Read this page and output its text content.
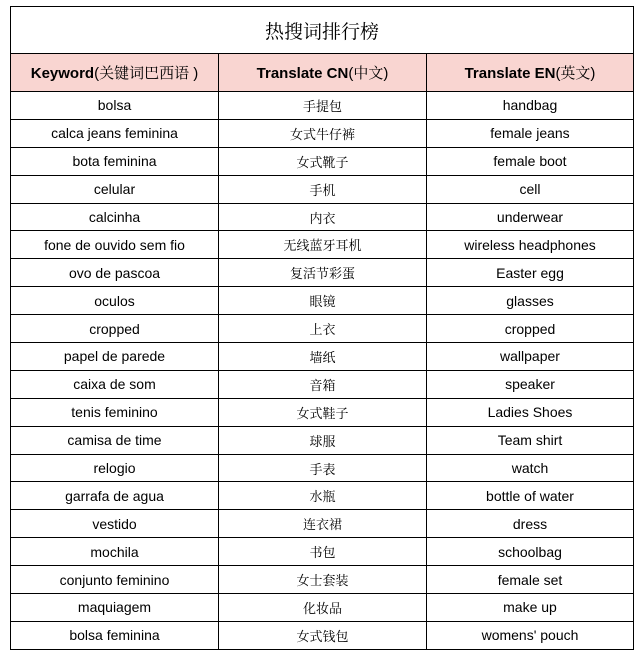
热搜词排行榜		
Keyword(关键词巴西语 )	Translate CN(中文)	Translate EN(英文)
bolsa	手提包	handbag
calca jeans feminina	女式牛仔裤	female jeans
bota feminina	女式靴子	female boot
celular	手机	cell
calcinha	内衣	underwear
fone de ouvido sem fio	无线蓝牙耳机	wireless headphones
ovo de pascoa	复活节彩蛋	Easter egg
oculos	眼镜	glasses
cropped	上衣	cropped
papel de parede	墙纸	wallpaper
caixa de som	音箱	speaker
tenis feminino	女式鞋子	Ladies Shoes
camisa de time	球服	Team shirt
relogio	手表	watch
garrafa de agua	水瓶	bottle of water
vestido	连衣裙	dress
mochila	书包	schoolbag
conjunto feminino	女士套装	female set
maquiagem	化妆品	make up
bolsa feminina	女式钱包	womens' pouch
